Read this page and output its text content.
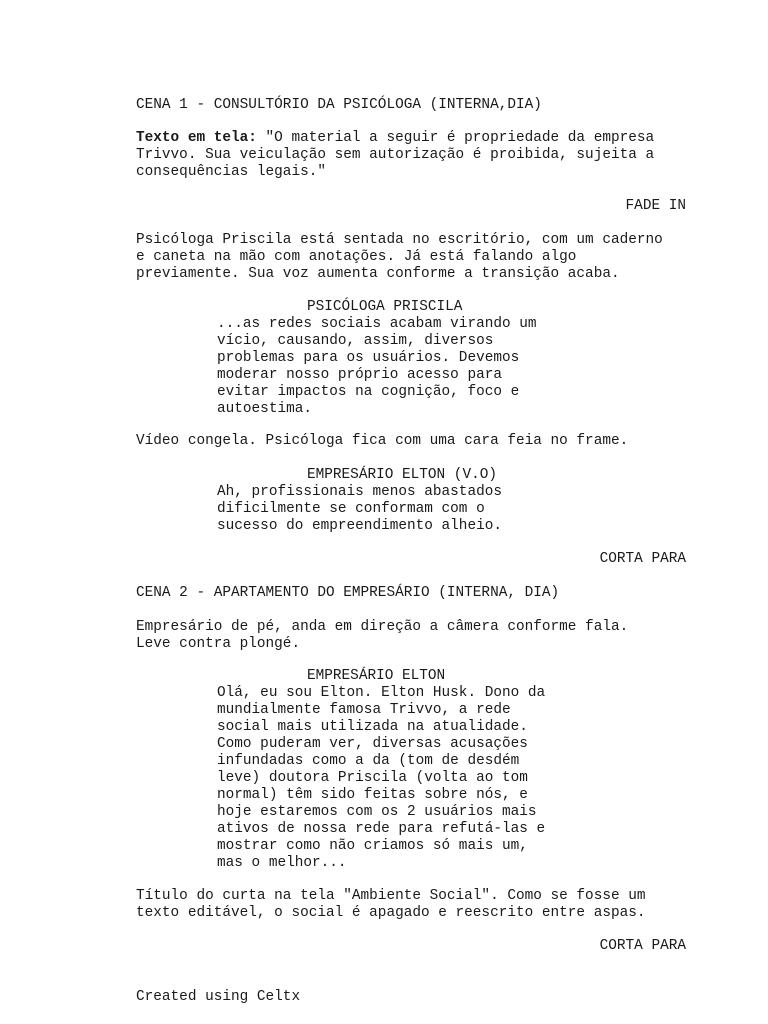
CENA 1 - CONSULTÓRIO DA PSICÓLOGA (INTERNA,DIA)
Texto em tela: "O material a seguir é propriedade da empresa
Trivvo. Sua veiculação sem autorização é proibida, sujeita a
consequências legais."
FADE IN
Psicóloga Priscila está sentada no escritório, com um caderno
e caneta na mão com anotações. Já está falando algo
previamente. Sua voz aumenta conforme a transição acaba.
PSICÓLOGA PRISCILA
...as redes sociais acabam virando um
vício, causando, assim, diversos
problemas para os usuários. Devemos
moderar nosso próprio acesso para
evitar impactos na cognição, foco e
autoestima.
Vídeo congela. Psicóloga fica com uma cara feia no frame.
EMPRESÁRIO ELTON (V.O)
Ah, profissionais menos abastados
dificilmente se conformam com o
sucesso do empreendimento alheio.
CORTA PARA
CENA 2 - APARTAMENTO DO EMPRESÁRIO (INTERNA, DIA)
Empresário de pé, anda em direção a câmera conforme fala.
Leve contra plongé.
EMPRESÁRIO ELTON
Olá, eu sou Elton. Elton Husk. Dono da
mundialmente famosa Trivvo, a rede
social mais utilizada na atualidade.
Como puderam ver, diversas acusações
infundadas como a da (tom de desdém
leve) doutora Priscila (volta ao tom
normal) têm sido feitas sobre nós, e
hoje estaremos com os 2 usuários mais
ativos de nossa rede para refutá-las e
mostrar como não criamos só mais um,
mas o melhor...
Título do curta na tela "Ambiente Social". Como se fosse um
texto editável, o social é apagado e reescrito entre aspas.
CORTA PARA
Created using Celtx
